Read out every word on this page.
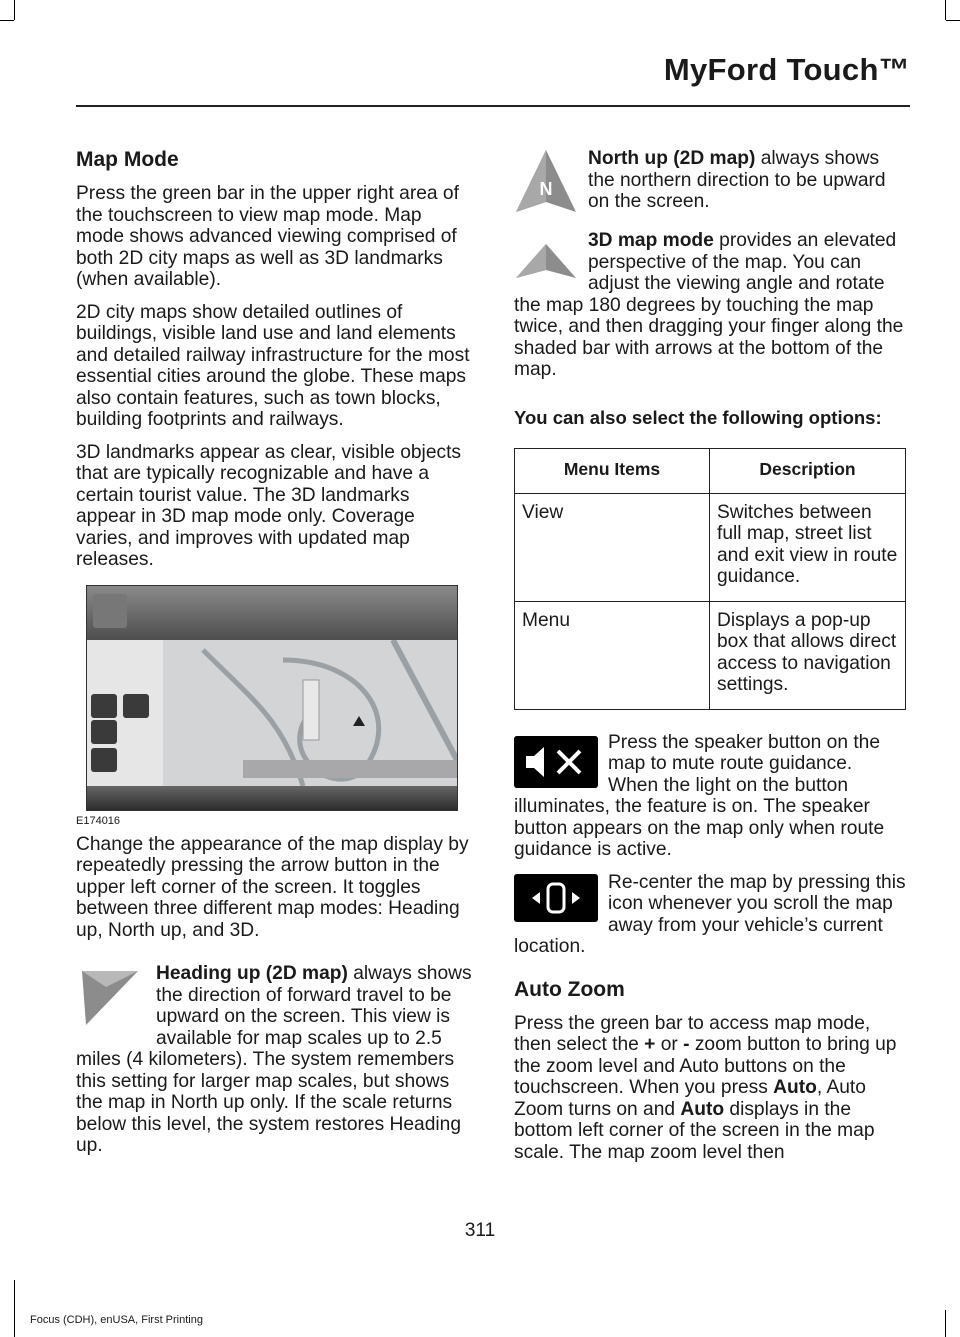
MyFord Touch™
Map Mode

Press the green bar in the upper right area of the touchscreen to view map mode. Map mode shows advanced viewing comprised of both 2D city maps as well as 3D landmarks (when available).

2D city maps show detailed outlines of buildings, visible land use and land elements and detailed railway infrastructure for the most essential cities around the globe. These maps also contain features, such as town blocks, building footprints and railways.

3D landmarks appear as clear, visible objects that are typically recognizable and have a certain tourist value. The 3D landmarks appear in 3D map mode only. Coverage varies, and improves with updated map releases.

E174016

Change the appearance of the map display by repeatedly pressing the arrow button in the upper left corner of the screen. It toggles between three different map modes: Heading up, North up, and 3D.

Heading up (2D map) always shows the direction of forward travel to be upward on the screen. This view is available for map scales up to 2.5 miles (4 kilometers). The system remembers this setting for larger map scales, but shows the map in North up only. If the scale returns below this level, the system restores Heading up.

N

North up (2D map) always shows the northern direction to be upward on the screen.

3D map mode provides an elevated perspective of the map. You can adjust the viewing angle and rotate the map 180 degrees by touching the map twice, and then dragging your finger along the shaded bar with arrows at the bottom of the map.

You can also select the following options:
Menu Items	Description
View	Switches between full map, street list and exit view in route guidance.
Menu	Displays a pop-up box that allows direct access to navigation settings.

Press the speaker button on the map to mute route guidance. When the light on the button illuminates, the feature is on. The speaker button appears on the map only when route guidance is active.

Re-center the map by pressing this icon whenever you scroll the map away from your vehicle’s current location.

Auto Zoom

Press the green bar to access map mode, then select the + or - zoom button to bring up the zoom level and Auto buttons on the touchscreen. When you press Auto, Auto Zoom turns on and Auto displays in the bottom left corner of the screen in the map scale. The map zoom level then

311
Focus (CDH), enUSA, First Printing
